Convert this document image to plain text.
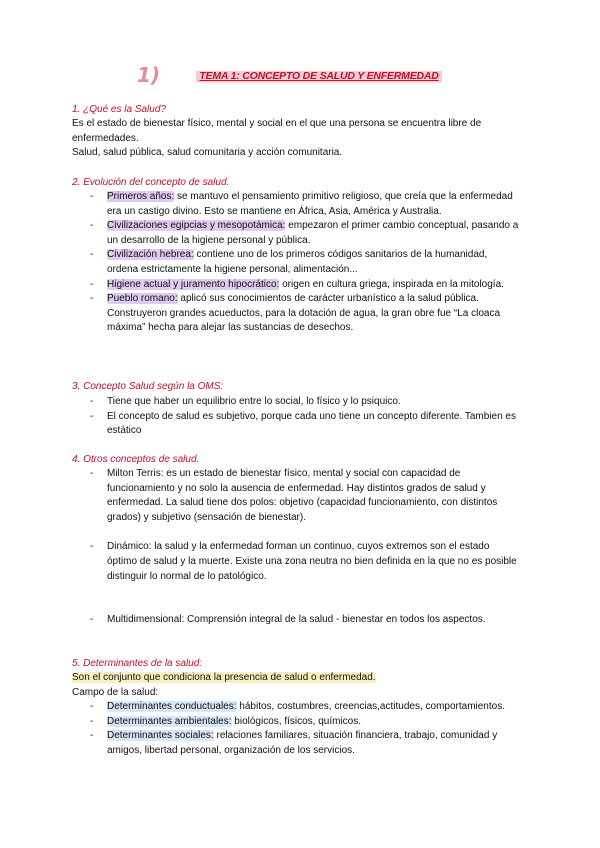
1)	TEMA 1: CONCEPTO DE SALUD Y ENFERMEDAD
1. ¿Qué es la Salud?
Es el estado de bienestar físico, mental y social en el que una persona se encuentra libre de enfermedades.
Salud, salud pública, salud comunitaria y acción comunitaria.
2. Evolución del concepto de salud.
- Primeros años: se mantuvo el pensamiento primitivo religioso, que creía que la enfermedad era un castigo divino. Esto se mantiene en África, Asia, América y Australia.
- Civilizaciones egipcias y mesopotámica: empezaron el primer cambio conceptual, pasando a un desarrollo de la higiene personal y pública.
- Civilización hebrea: contiene uno de los primeros códigos sanitarios de la humanidad, ordena estrictamente la higiene personal, alimentación...
- Higiene actual y juramento hipocrático: origen en cultura griega, inspirada en la mitología.
- Pueblo romano: aplicó sus conocimientos de carácter urbanístico a la salud pública. Construyeron grandes acueductos, para la dotación de agua, la gran obre fue “La cloaca máxima” hecha para alejar las sustancias de desechos.
3. Concepto Salud según la OMS:
- Tiene que haber un equilibrio entre lo social, lo físico y lo psiquico.
- El concepto de salud es subjetivo, porque cada uno tiene un concepto diferente. Tambien es estático
4. Otros conceptos de salud.
- Milton Terris: es un estado de bienestar físico, mental y social con capacidad de funcionamiento y no solo la ausencia de enfermedad. Hay distintos grados de salud y enfermedad. La salud tiene dos polos: objetivo (capacidad funcionamiento, con distintos grados) y subjetivo (sensación de bienestar).
- Dinámico: la salud y la enfermedad forman un continuo, cuyos extremos son el estado óptimo de salud y la muerte. Existe una zona neutra no bien definida en la que no es posible distinguir lo normal de lo patológico.
- Multidimensional: Comprensión integral de la salud - bienestar en todos los aspectos.
5. Determinantes de la salud:
Son el conjunto que condiciona la presencia de salud o enfermedad.
Campo de la salud:
- Determinantes conductuales: hábitos, costumbres, creencias,actitudes, comportamientos.
- Determinantes ambientales: biológicos, físicos, químicos.
- Determinantes sociales: relaciones familiares, situación financiera, trabajo, comunidad y amigos, libertad personal, organización de los servicios.
